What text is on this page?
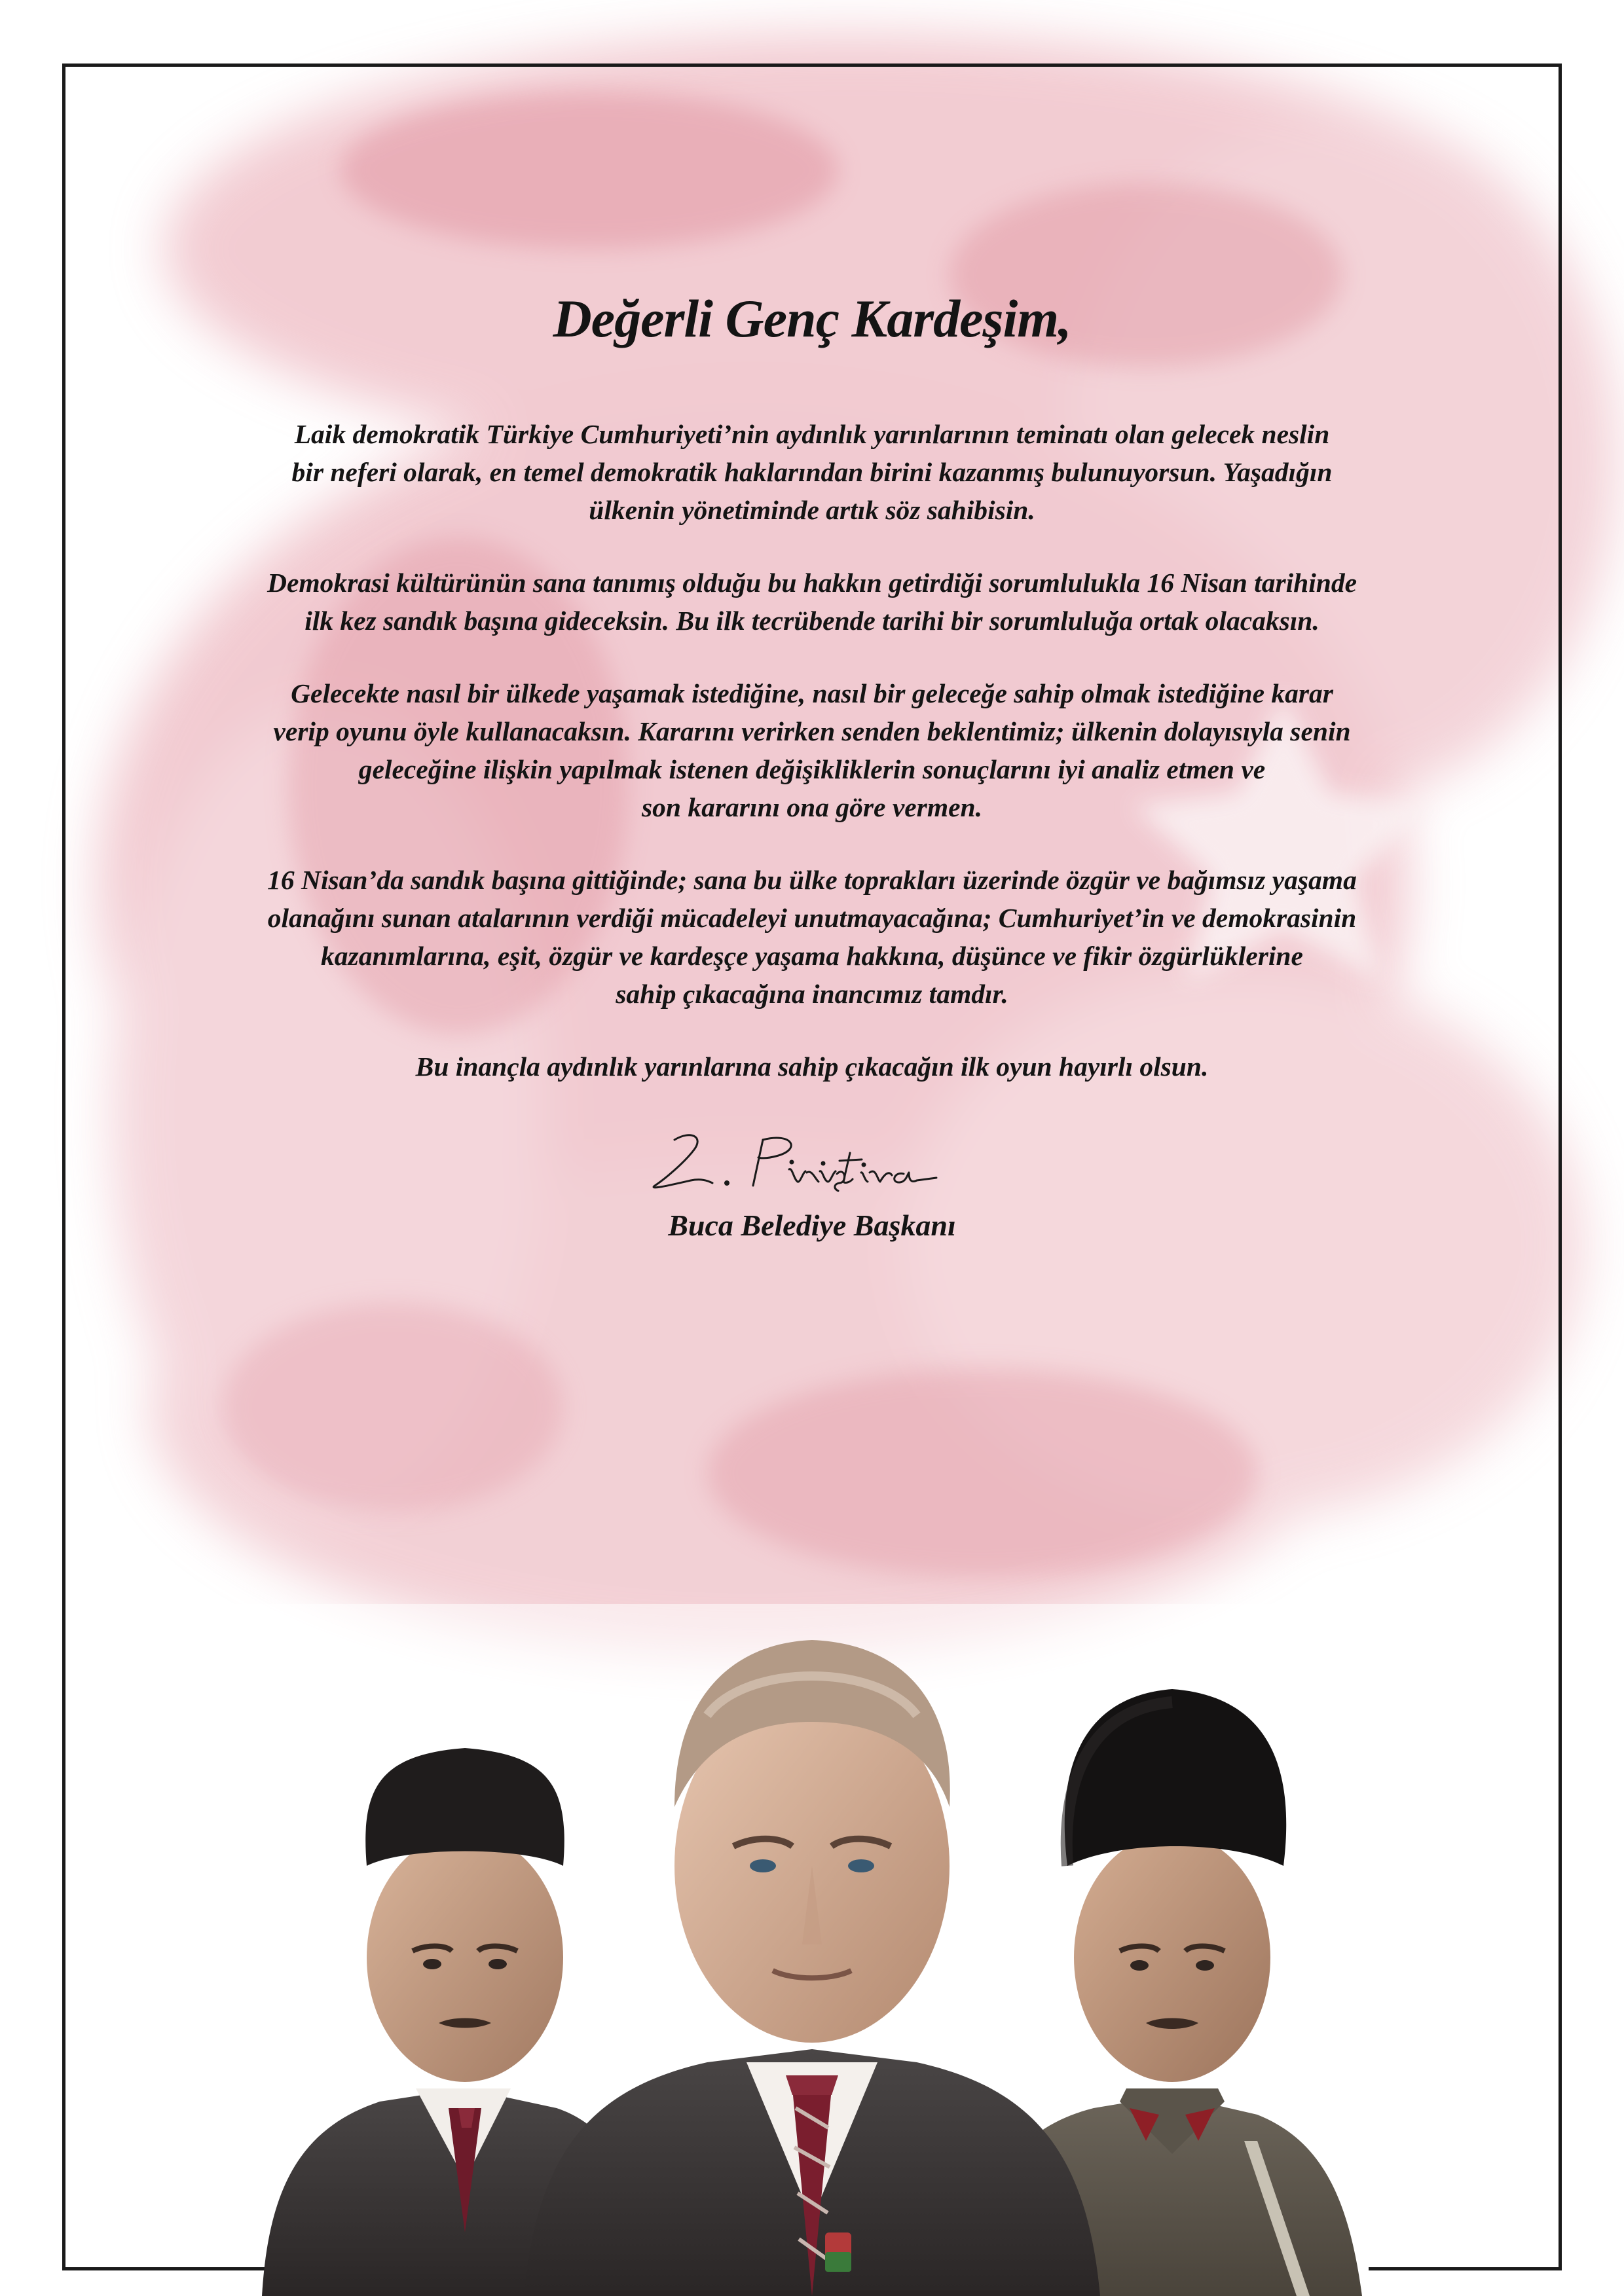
Değerli Genç Kardeşim,
Laik demokratik Türkiye Cumhuriyeti’nin aydınlık yarınlarının teminatı olan gelecek neslin
bir neferi olarak, en temel demokratik haklarından birini kazanmış bulunuyorsun. Yaşadığın
ülkenin yönetiminde artık söz sahibisin.
Demokrasi kültürünün sana tanımış olduğu bu hakkın getirdiği sorumlulukla 16 Nisan tarihinde
ilk kez sandık başına gideceksin. Bu ilk tecrübende tarihi bir sorumluluğa ortak olacaksın.
Gelecekte nasıl bir ülkede yaşamak istediğine, nasıl bir geleceğe sahip olmak istediğine karar
verip oyunu öyle kullanacaksın. Kararını verirken senden beklentimiz; ülkenin dolayısıyla senin
geleceğine ilişkin yapılmak istenen değişikliklerin sonuçlarını iyi analiz etmen ve
son kararını ona göre vermen.
16 Nisan’da sandık başına gittiğinde; sana bu ülke toprakları üzerinde özgür ve bağımsız yaşama
olanağını sunan atalarının verdiği mücadeleyi unutmayacağına; Cumhuriyet’in ve demokrasinin
kazanımlarına, eşit, özgür ve kardeşçe yaşama hakkına, düşünce ve fikir özgürlüklerine
sahip çıkacağına inancımız tamdır.
Bu inançla aydınlık yarınlarına sahip çıkacağın ilk oyun hayırlı olsun.
Buca Belediye Başkanı
